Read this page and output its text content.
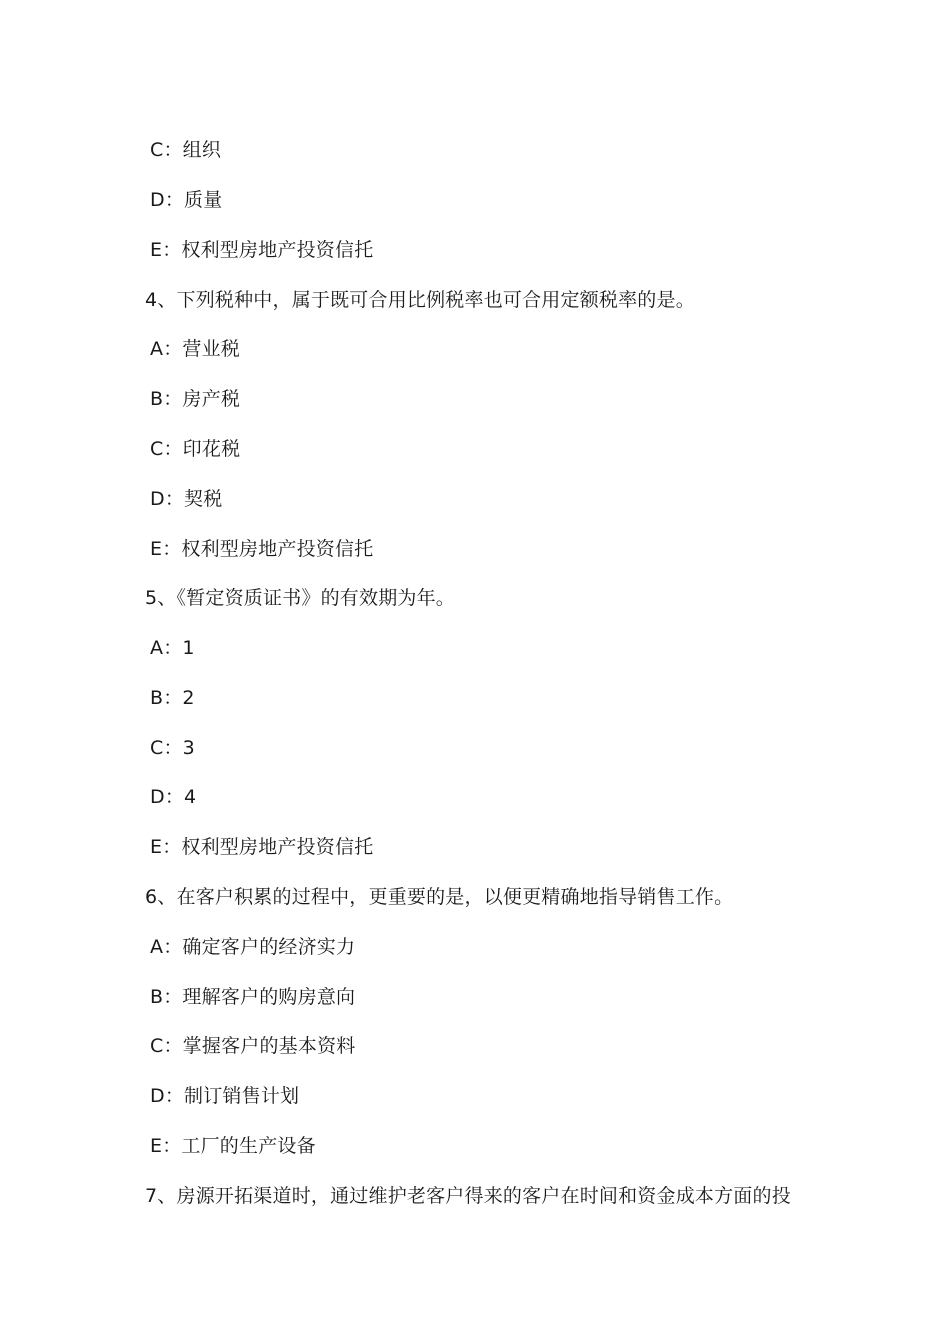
C：组织
D：质量
E：权利型房地产投资信托
4、下列税种中，属于既可合用比例税率也可合用定额税率的是。
A：营业税
B：房产税
C：印花税
D：契税
E：权利型房地产投资信托
5、《暂定资质证书》的有效期为年。
A：1
B：2
C：3
D：4
E：权利型房地产投资信托
6、在客户积累的过程中，更重要的是，以便更精确地指导销售工作。
A：确定客户的经济实力
B：理解客户的购房意向
C：掌握客户的基本资料
D：制订销售计划
E：工厂的生产设备
7、房源开拓渠道时，通过维护老客户得来的客户在时间和资金成本方面的投
